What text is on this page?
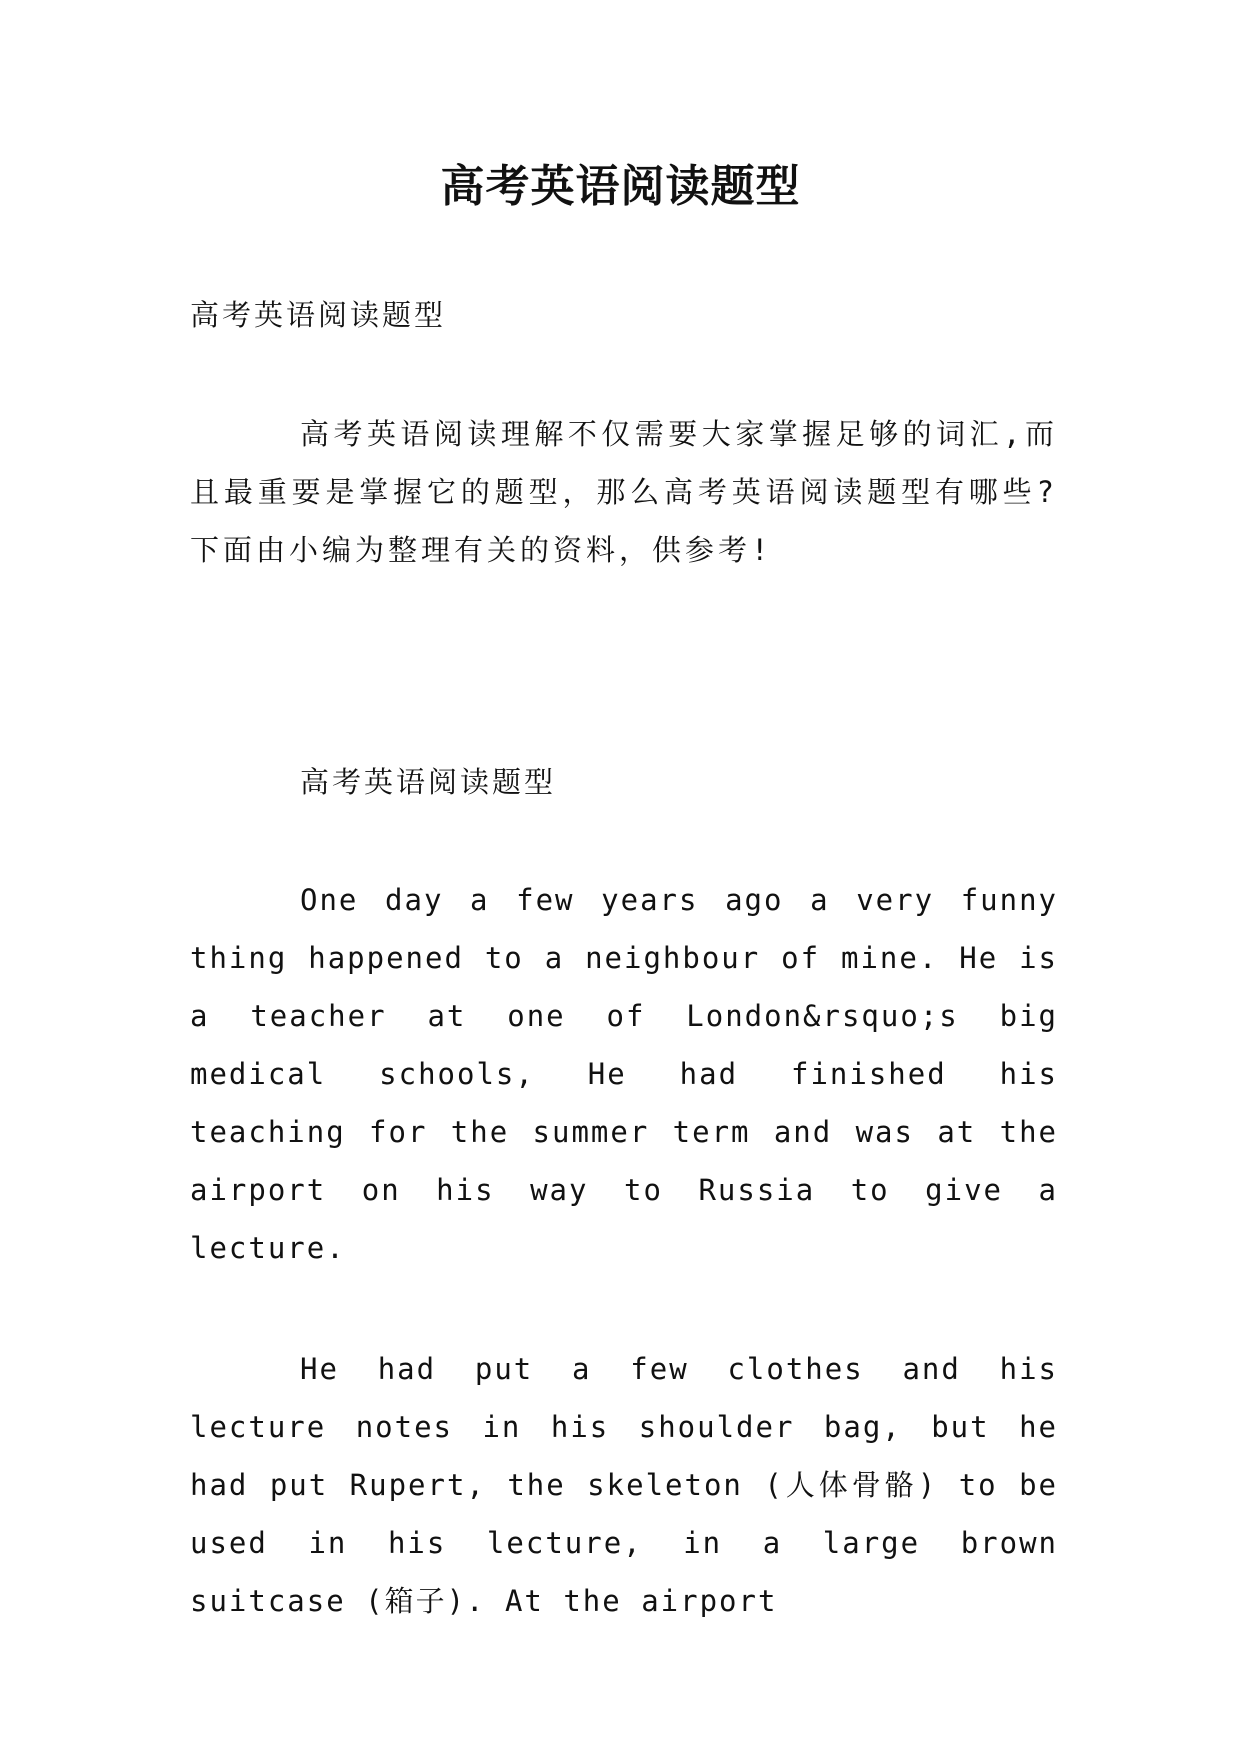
高考英语阅读题型
高考英语阅读题型
高考英语阅读理解不仅需要大家掌握足够的词汇,而且最重要是掌握它的题型，那么高考英语阅读题型有哪些?下面由小编为整理有关的资料，供参考!
高考英语阅读题型
One day a few years ago a very funny thing happened to a neighbour of mine. He is a teacher at one of London&rsquo;s big medical schools, He had finished his teaching for the summer term and was at the airport on his way to Russia to give a lecture.
He had put a few clothes and his lecture notes in his shoulder bag, but he had put Rupert, the skeleton (人体骨骼) to be used in his lecture, in a large brown suitcase (箱子). At the airport
